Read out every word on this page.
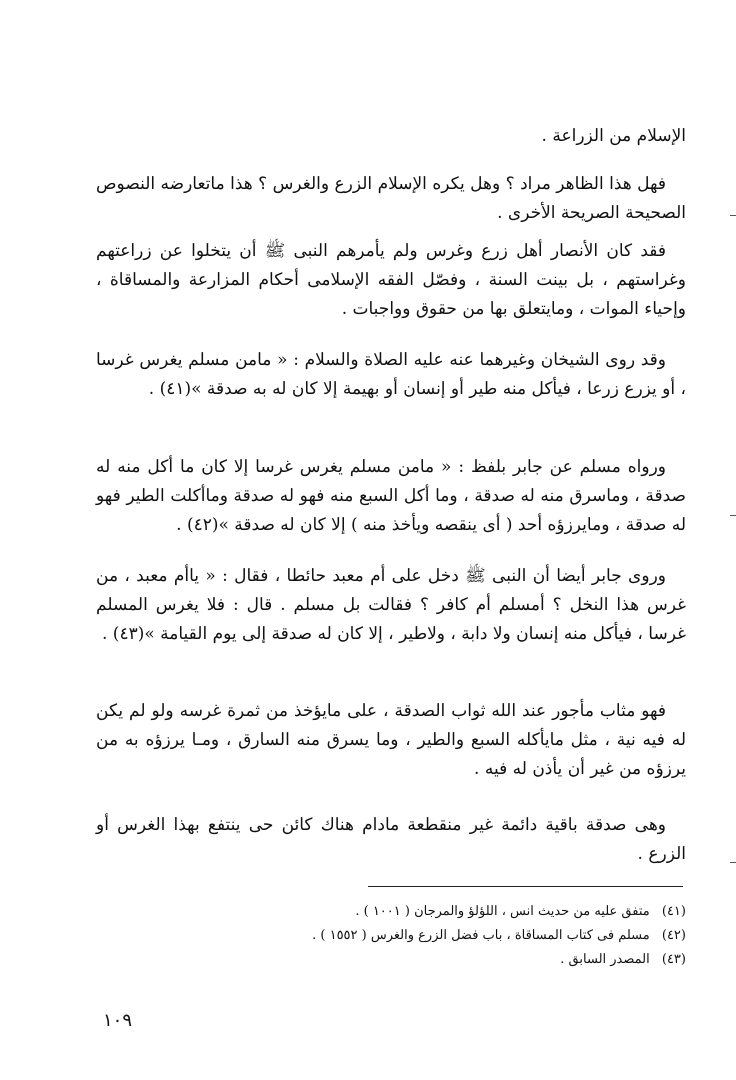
الإسلام من الزراعة .

فهل هذا الظاهر مراد ؟ وهل يكره الإسلام الزرع والغرس ؟ هذا ماتعارضه النصوص الصحيحة الصريحة الأخرى .

فقد كان الأنصار أهل زرع وغرس ولم يأمرهم النبى ﷺ أن يتخلوا عن زراعتهم وغراستهم ، بل بينت السنة ، وفصّل الفقه الإسلامى أحكام المزارعة والمساقاة ، وإحياء الموات ، ومايتعلق بها من حقوق وواجبات .

وقد روى الشيخان وغيرهما عنه عليه الصلاة والسلام : « مامن مسلم يغرس غرسا ، أو يزرع زرعا ، فيأكل منه طير أو إنسان أو بهيمة إلا كان له به صدقة »(٤١) .

ورواه مسلم عن جابر بلفظ : « مامن مسلم يغرس غرسا إلا كان ما أكل منه له صدقة ، وماسرق منه له صدقة ، وما أكل السبع منه فهو له صدقة وماأكلت الطير فهو له صدقة ، ومايرزؤه أحد ( أى ينقصه ويأخذ منه ) إلا كان له صدقة »(٤٢) .

وروى جابر أيضا أن النبى ﷺ دخل على أم معبد حائطا ، فقال : « ياأم معبد ، من غرس هذا النخل ؟ أمسلم أم كافر ؟ فقالت بل مسلم . قال : فلا يغرس المسلم غرسا ، فيأكل منه إنسان ولا دابة ، ولاطير ، إلا كان له صدقة إلى يوم القيامة »(٤٣) .

فهو مثاب مأجور عند الله ثواب الصدقة ، على مايؤخذ من ثمرة غرسه ولو لم يكن له فيه نية ، مثل مايأكله السبع والطير ، وما يسرق منه السارق ، ومـا يرزؤه به من يرزؤه من غير أن يأذن له فيه .

وهى صدقة باقية دائمة غير منقطعة مادام هناك كائن حى ينتفع بهذا الغرس أو الزرع .

(٤١) متفق عليه من حديث انس ، اللؤلؤ والمرجان ( ١٠٠١ ) .

(٤٢) مسلم فى كتاب المساقاة ، باب فضل الزرع والغرس ( ١٥٥٢ ) .

(٤٣) المصدر السابق .

١٠٩
